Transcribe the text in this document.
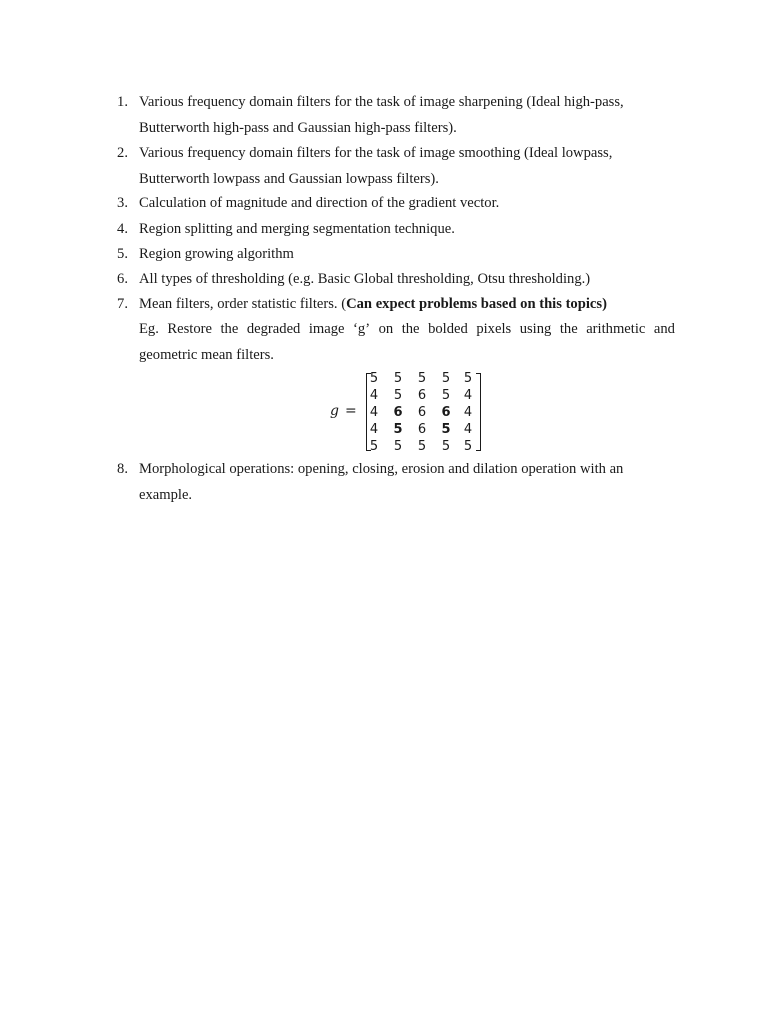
1. Various frequency domain filters for the task of image sharpening (Ideal high-pass,
Butterworth high-pass and Gaussian high-pass filters).
2. Various frequency domain filters for the task of image smoothing (Ideal lowpass,
Butterworth lowpass and Gaussian lowpass filters).
3. Calculation of magnitude and direction of the gradient vector.
4. Region splitting and merging segmentation technique.
5. Region growing algorithm
6. All types of thresholding (e.g. Basic Global thresholding, Otsu thresholding.)
7. Mean filters, order statistic filters. (Can expect problems based on this topics)
Eg. Restore the degraded image ‘g’ on the bolded pixels using the arithmetic and
geometric mean filters.
g =
5	5	5	5	5
4	5	6	5	4
4	6	6	6	4
4	5	6	5	4
5	5	5	5	5
8. Morphological operations: opening, closing, erosion and dilation operation with an
example.
